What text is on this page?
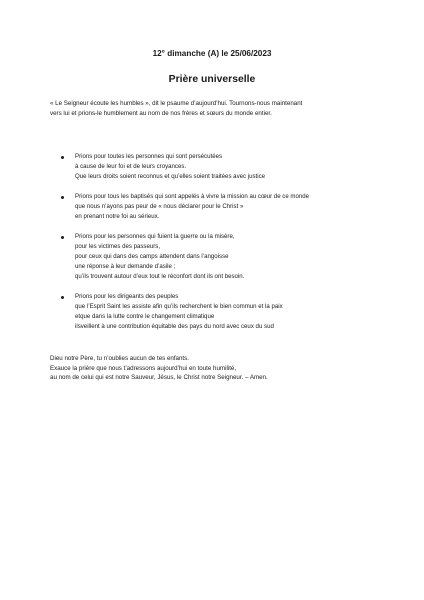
12° dimanche (A) le 25/06/2023
Prière universelle

« Le Seigneur écoute les humbles », dit le psaume d’aujourd’hui. Tournons-nous maintenant
vers lui et prions-le humblement au nom de nos frères et sœurs du monde entier.

Prions pour toutes les personnes qui sont persécutées
à cause de leur foi et de leurs croyances.
Que leurs droits soient reconnus et qu’elles soient traitées avec justice
Prions pour tous les baptisés qui sont appelés à vivre la mission au cœur de ce monde
que nous n’ayons pas peur de « nous déclarer pour le Christ »
en prenant notre foi au sérieux.
Prions pour les personnes qui fuient la guerre ou la misère,
pour les victimes des passeurs,
pour ceux qui dans des camps attendent dans l’angoisse
une réponse à leur demande d’asile ;
qu’ils trouvent autour d’eux tout le réconfort dont ils ont besoin.
Prions pour les dirigeants des peuples
que l’Esprit Saint les assiste afin qu’ils recherchent le bien commun et la paix
etque dans la lutte contre le changement climatique
ilsveillent à une contribution équitable des pays du nord avec ceux du sud

Dieu notre Père, tu n’oublies aucun de tes enfants.
Exauce la prière que nous t’adressons aujourd’hui en toute humilité,
au nom de celui qui est notre Sauveur, Jésus, le Christ notre Seigneur. – Amen.
